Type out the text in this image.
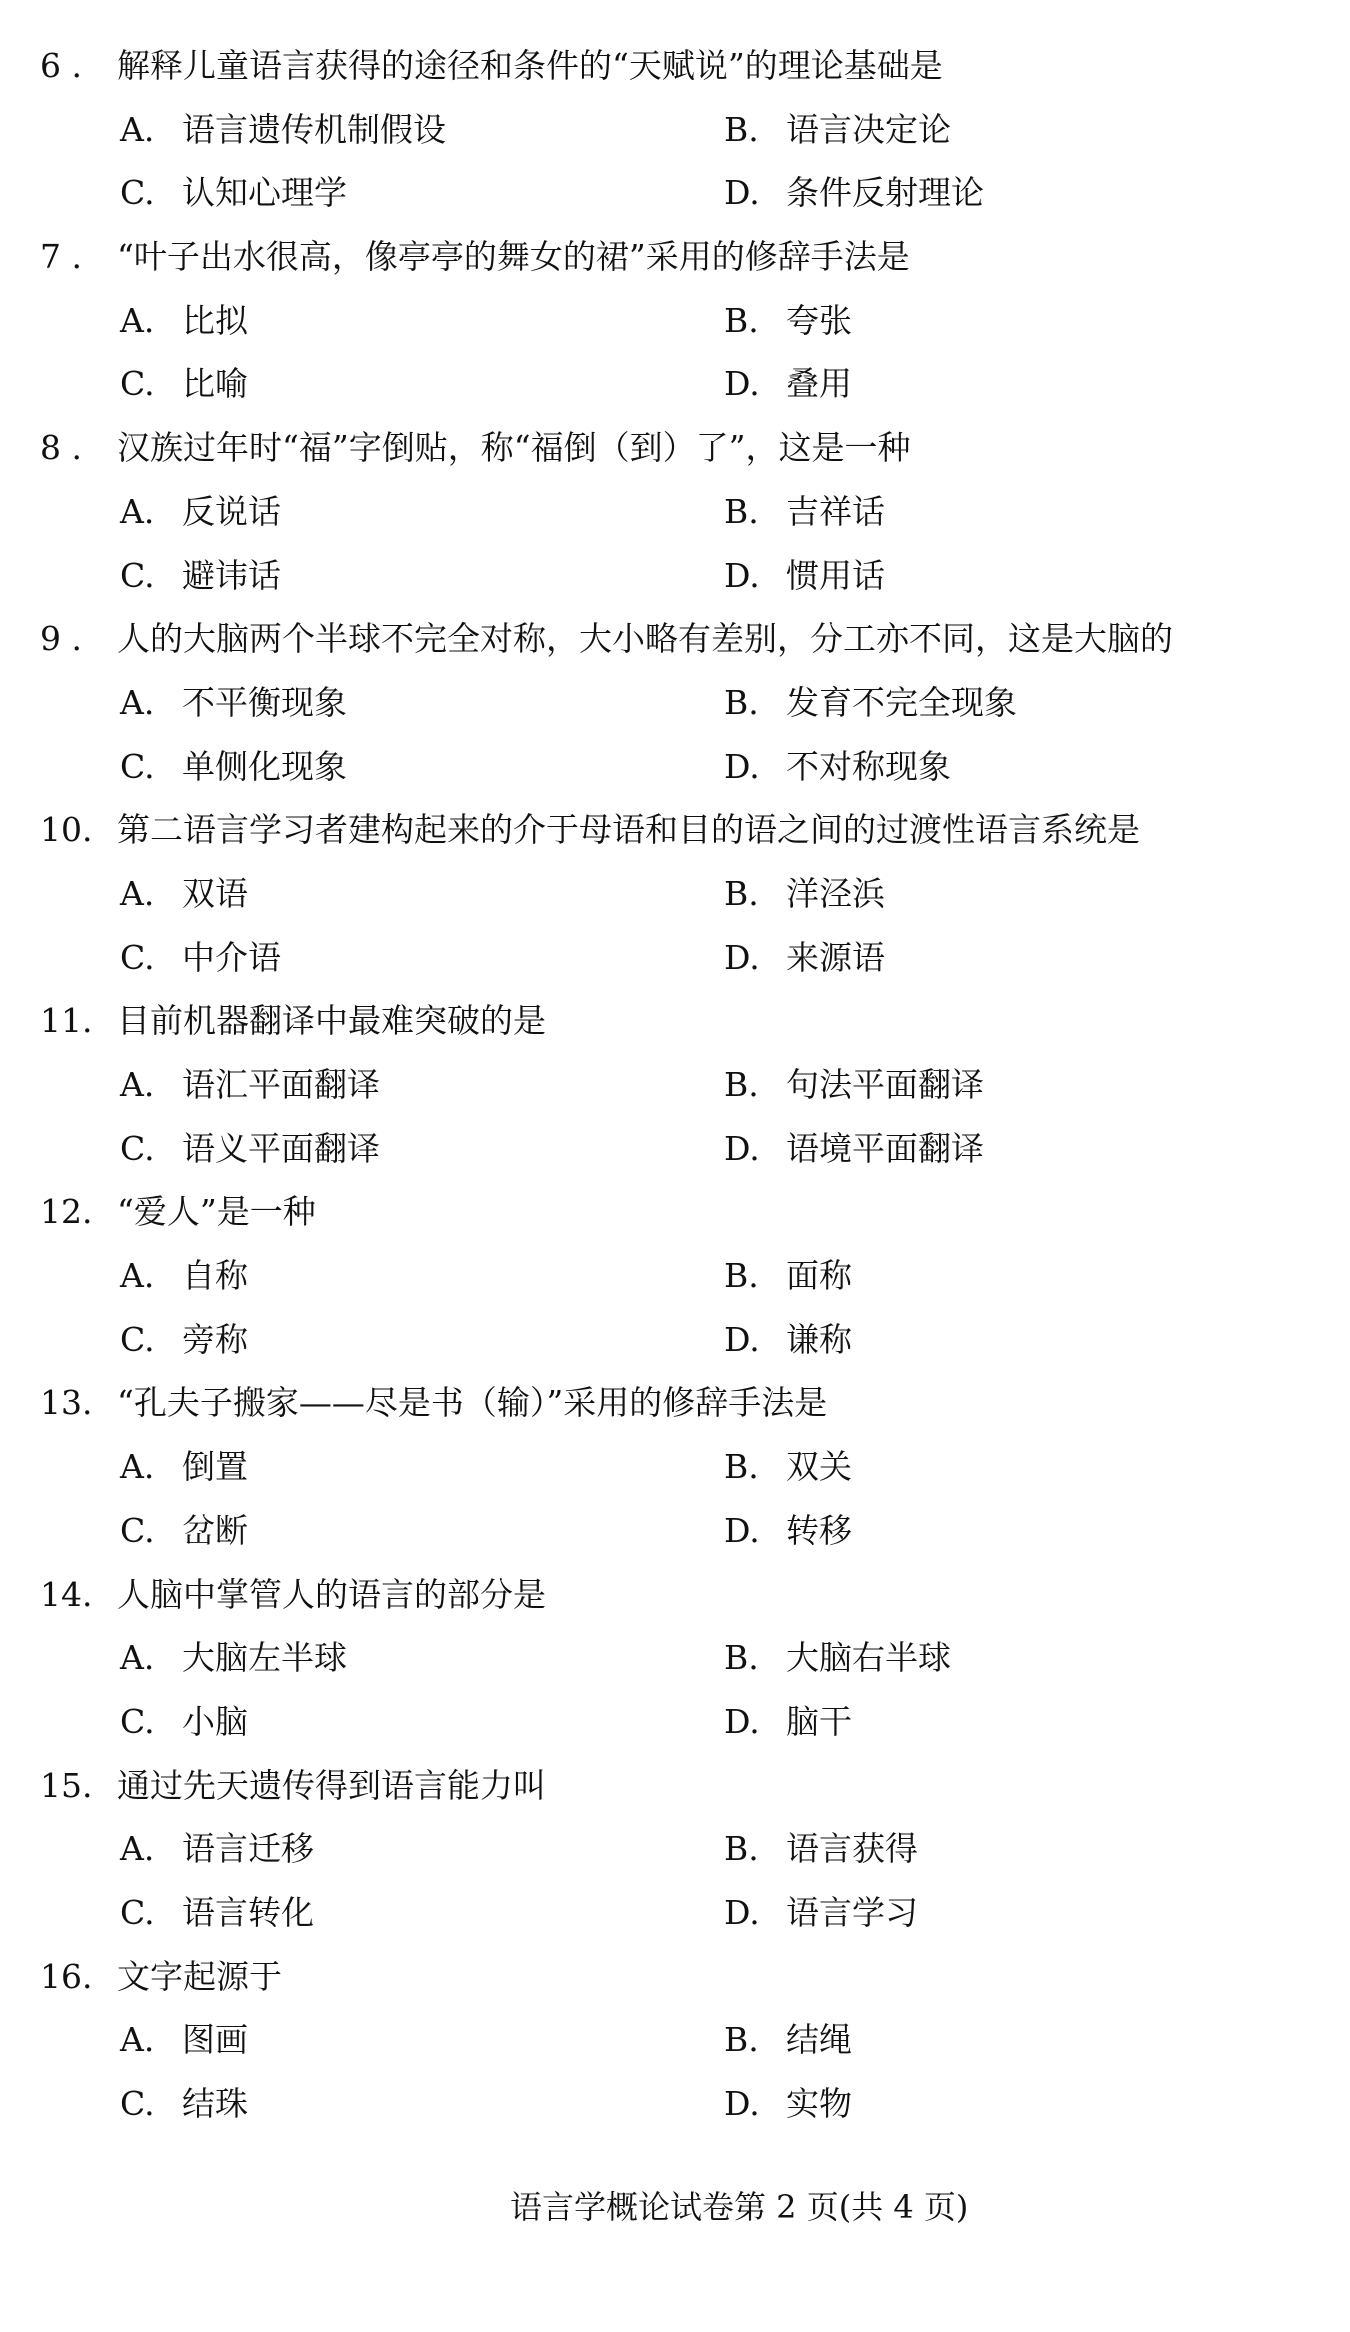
6 . 解释儿童语言获得的途径和条件的“天赋说”的理论基础是
A. 语言遗传机制假设	B. 语言决定论
C. 认知心理学	D. 条件反射理论
7 . “叶子出水很高，像亭亭的舞女的裙”采用的修辞手法是
A. 比拟	B. 夸张
C. 比喻	D. 叠用
8 . 汉族过年时“福”字倒贴，称“福倒（到）了”，这是一种
A. 反说话	B. 吉祥话
C. 避讳话	D. 惯用话
9 . 人的大脑两个半球不完全对称，大小略有差别，分工亦不同，这是大脑的
A. 不平衡现象	B. 发育不完全现象
C. 单侧化现象	D. 不对称现象
10. 第二语言学习者建构起来的介于母语和目的语之间的过渡性语言系统是
A. 双语	B. 洋泾浜
C. 中介语	D. 来源语
11. 目前机器翻译中最难突破的是
A. 语汇平面翻译	B. 句法平面翻译
C. 语义平面翻译	D. 语境平面翻译
12. “爱人”是一种
A. 自称	B. 面称
C. 旁称	D. 谦称
13. “孔夫子搬家——尽是书（输）”采用的修辞手法是
A. 倒置	B. 双关
C. 岔断	D. 转移
14. 人脑中掌管人的语言的部分是
A. 大脑左半球	B. 大脑右半球
C. 小脑	D. 脑干
15. 通过先天遗传得到语言能力叫
A. 语言迁移	B. 语言获得
C. 语言转化	D. 语言学习
16. 文字起源于
A. 图画	B. 结绳
C. 结珠	D. 实物
语言学概论试卷第 2 页(共 4 页)
